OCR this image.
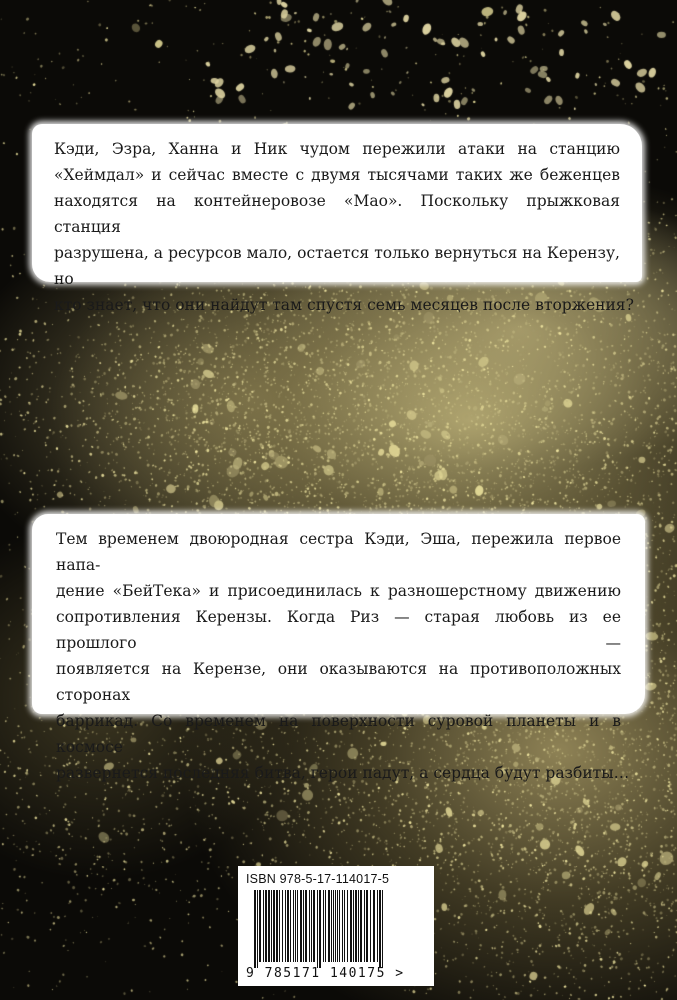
Кэди, Эзра, Ханна и Ник чудом пережили атаки на станцию
«Хеймдал» и сейчас вместе с двумя тысячами таких же беженцев
находятся на контейнеровозе «Мао». Поскольку прыжковая станция
разрушена, а ресурсов мало, остается только вернуться на Керензу, но
кто знает, что они найдут там спустя семь месяцев после вторжения?

Тем временем двоюродная сестра Кэди, Эша, пережила первое напа-
дение «БейТека» и присоединилась к разношерстному движению
сопротивления Керензы. Когда Риз — старая любовь из ее прошлого —
появляется на Керензе, они оказываются на противоположных сторонах
баррикад. Со временем на поверхности суровой планеты и в космосе
развернется последняя битва, герои падут, а сердца будут разбиты…

ISBN 978-5-17-114017-5
9 785171 140175 >
